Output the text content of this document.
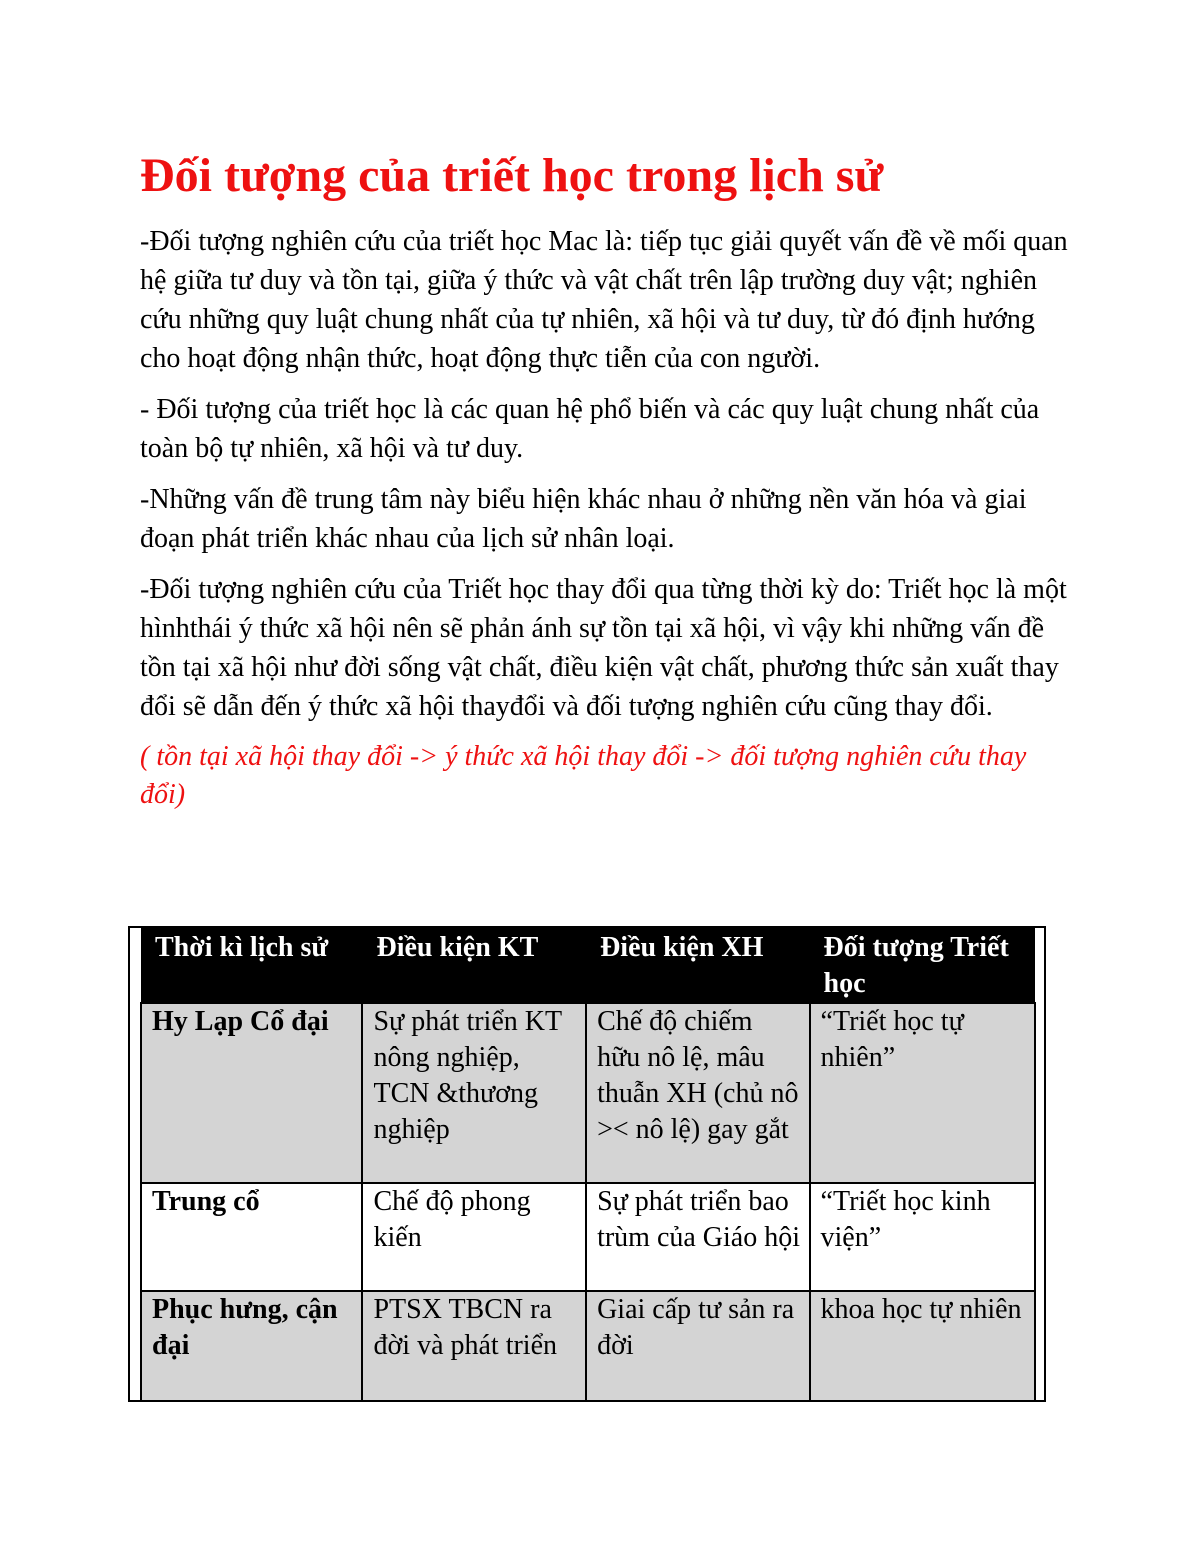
Đối tượng của triết học trong lịch sử

-Đối tượng nghiên cứu của triết học Mac là: tiếp tục giải quyết vấn đề về mối quan hệ giữa tư duy và tồn tại, giữa ý thức và vật chất trên lập trường duy vật; nghiên cứu những quy luật chung nhất của tự nhiên, xã hội và tư duy, từ đó định hướng cho hoạt động nhận thức, hoạt động thực tiễn của con người.

- Đối tượng của triết học là các quan hệ phổ biến và các quy luật chung nhất của toàn bộ tự nhiên, xã hội và tư duy.

-Những vấn đề trung tâm này biểu hiện khác nhau ở những nền văn hóa và giai đoạn phát triển khác nhau của lịch sử nhân loại.

-Đối tượng nghiên cứu của Triết học thay đổi qua từng thời kỳ do: Triết học là một hìnhthái ý thức xã hội nên sẽ phản ánh sự tồn tại xã hội, vì vậy khi những vấn đề tồn tại xã hội như đời sống vật chất, điều kiện vật chất, phương thức sản xuất thay đổi sẽ dẫn đến ý thức xã hội thayđổi và đối tượng nghiên cứu cũng thay đổi.

( tồn tại xã hội thay đổi -> ý thức xã hội thay đổi -> đối tượng nghiên cứu thay đổi)

Thời kì lịch sử	Điều kiện KT	Điều kiện XH	Đối tượng Triết học
Hy Lạp Cổ đại	Sự phát triển KT nông nghiệp, TCN &thương nghiệp	Chế độ chiếm hữu nô lệ, mâu thuẫn XH (chủ nô >< nô lệ) gay gắt	“Triết học tự nhiên”
Trung cổ	Chế độ phong kiến	Sự phát triển bao trùm của Giáo hội	“Triết học kinh viện”
Phục hưng, cận đại	PTSX TBCN ra đời và phát triển	Giai cấp tư sản ra đời	khoa học tự nhiên
